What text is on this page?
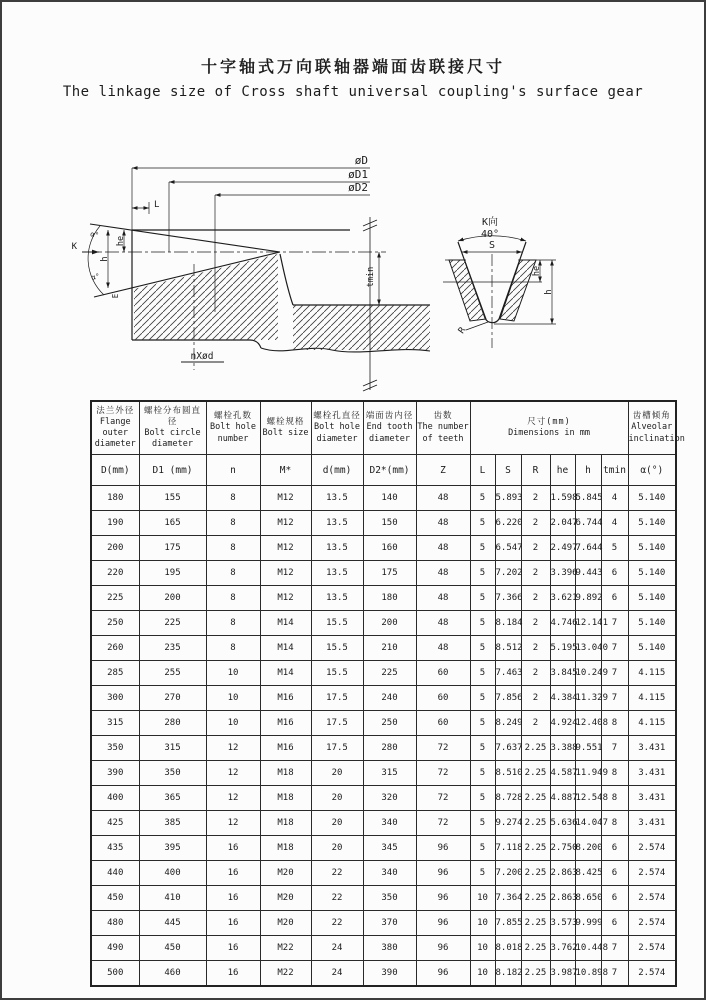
十字轴式万向联轴器端面齿联接尺寸
The linkage size of Cross shaft universal coupling's surface gear
øD
øD1
øD2
L
K
α°
α°
he
h
E
tmin
nXød
K向
40°
S
he
h
R
法兰外径
Flange outer diameter

螺栓分布圆直径
Bolt circle diameter

螺栓孔数
Bolt hole number

螺栓规格
Bolt size

螺栓孔直径
Bolt hole diameter

端面齿内径
End tooth diameter

齿数
The number of teeth

尺寸(mm)
Dimensions in mm

齿槽倾角
Alveolar inclination

D(mm)	D1 (mm)	n	M*	d(mm)	D2*(mm)	Z	L	S	R	he	h	tmin	α(°)
180	155	8	M12	13.5	140	48	5	5.893	2	1.598	5.845	4	5.140
190	165	8	M12	13.5	150	48	5	6.220	2	2.047	6.744	4	5.140
200	175	8	M12	13.5	160	48	5	6.547	2	2.497	7.644	5	5.140
220	195	8	M12	13.5	175	48	5	7.202	2	3.396	9.443	6	5.140
225	200	8	M12	13.5	180	48	5	7.366	2	3.621	9.892	6	5.140
250	225	8	M14	15.5	200	48	5	8.184	2	4.746	12.141	7	5.140
260	235	8	M14	15.5	210	48	5	8.512	2	5.195	13.040	7	5.140
285	255	10	M14	15.5	225	60	5	7.463	2	3.845	10.249	7	4.115
300	270	10	M16	17.5	240	60	5	7.856	2	4.384	11.329	7	4.115
315	280	10	M16	17.5	250	60	5	8.249	2	4.924	12.408	8	4.115
350	315	12	M16	17.5	280	72	5	7.637	2.25	3.388	9.551	7	3.431
390	350	12	M18	20	315	72	5	8.510	2.25	4.587	11.949	8	3.431
400	365	12	M18	20	320	72	5	8.728	2.25	4.887	12.548	8	3.431
425	385	12	M18	20	340	72	5	9.274	2.25	5.636	14.047	8	3.431
435	395	16	M18	20	345	96	5	7.118	2.25	2.750	8.200	6	2.574
440	400	16	M20	22	340	96	5	7.200	2.25	2.863	8.425	6	2.574
450	410	16	M20	22	350	96	10	7.364	2.25	2.863	8.650	6	2.574
480	445	16	M20	22	370	96	10	7.855	2.25	3.573	9.999	6	2.574
490	450	16	M22	24	380	96	10	8.018	2.25	3.762	10.448	7	2.574
500	460	16	M22	24	390	96	10	8.182	2.25	3.987	10.898	7	2.574
